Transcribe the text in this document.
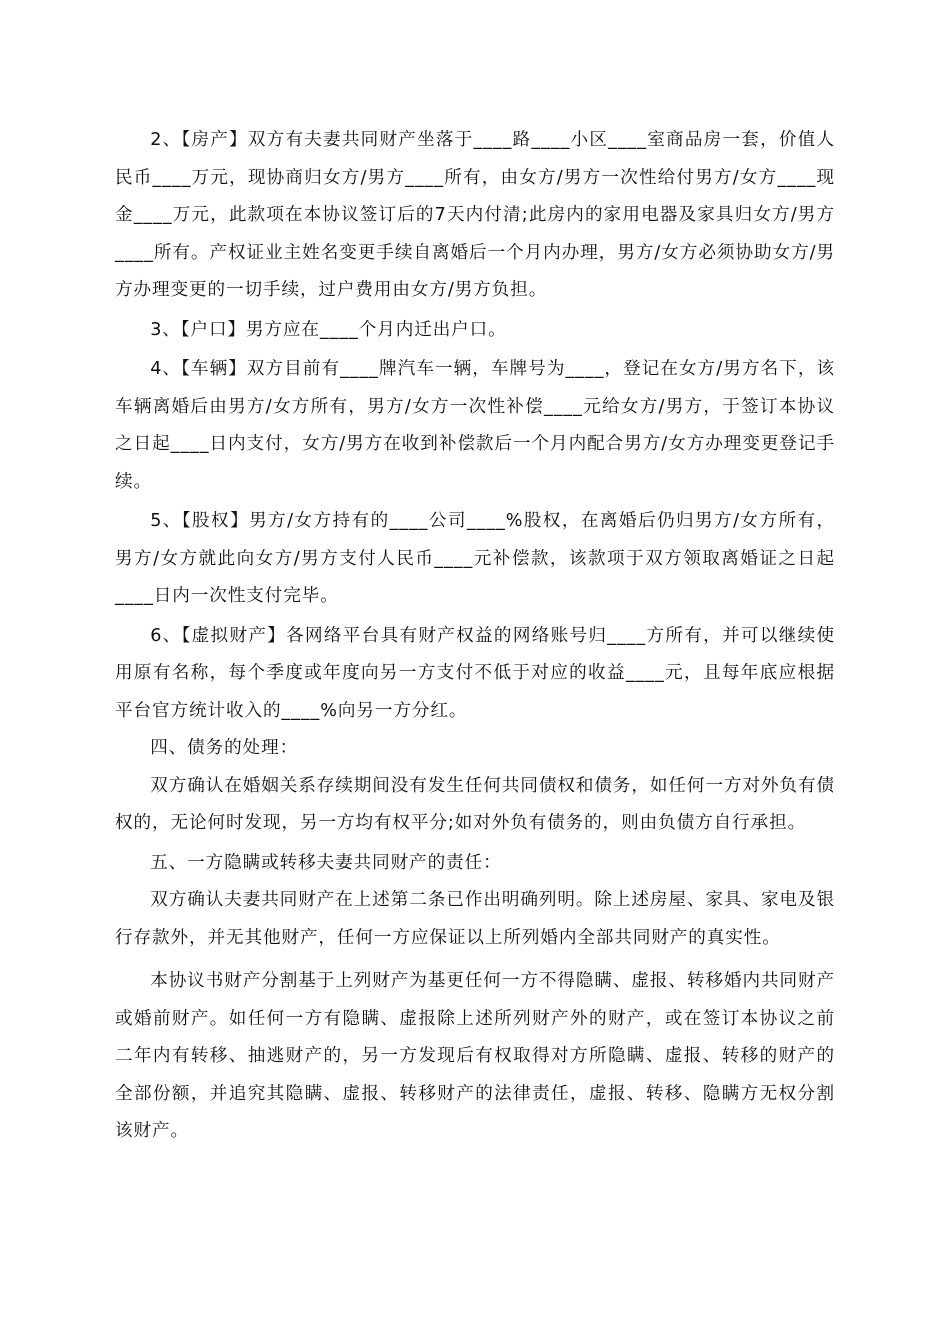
2、【房产】双方有夫妻共同财产坐落于____路____小区____室商品房一套，价值人民币____万元，现协商归女方/男方____所有，由女方/男方一次性给付男方/女方____现金____万元，此款项在本协议签订后的7天内付清;此房内的家用电器及家具归女方/男方____所有。产权证业主姓名变更手续自离婚后一个月内办理，男方/女方必须协助女方/男方办理变更的一切手续，过户费用由女方/男方负担。

3、【户口】男方应在____个月内迁出户口。

4、【车辆】双方目前有____牌汽车一辆，车牌号为____，登记在女方/男方名下，该车辆离婚后由男方/女方所有，男方/女方一次性补偿____元给女方/男方，于签订本协议之日起____日内支付，女方/男方在收到补偿款后一个月内配合男方/女方办理变更登记手续。

5、【股权】男方/女方持有的____公司____%股权，在离婚后仍归男方/女方所有，男方/女方就此向女方/男方支付人民币____元补偿款，该款项于双方领取离婚证之日起____日内一次性支付完毕。

6、【虚拟财产】各网络平台具有财产权益的网络账号归____方所有，并可以继续使用原有名称，每个季度或年度向另一方支付不低于对应的收益____元，且每年底应根据平台官方统计收入的____%向另一方分红。

四、债务的处理：

双方确认在婚姻关系存续期间没有发生任何共同债权和债务，如任何一方对外负有债权的，无论何时发现，另一方均有权平分;如对外负有债务的，则由负债方自行承担。

五、一方隐瞒或转移夫妻共同财产的责任：

双方确认夫妻共同财产在上述第二条已作出明确列明。除上述房屋、家具、家电及银行存款外，并无其他财产，任何一方应保证以上所列婚内全部共同财产的真实性。

本协议书财产分割基于上列财产为基更任何一方不得隐瞒、虚报、转移婚内共同财产或婚前财产。如任何一方有隐瞒、虚报除上述所列财产外的财产，或在签订本协议之前二年内有转移、抽逃财产的，另一方发现后有权取得对方所隐瞒、虚报、转移的财产的全部份额，并追究其隐瞒、虚报、转移财产的法律责任，虚报、转移、隐瞒方无权分割该财产。
